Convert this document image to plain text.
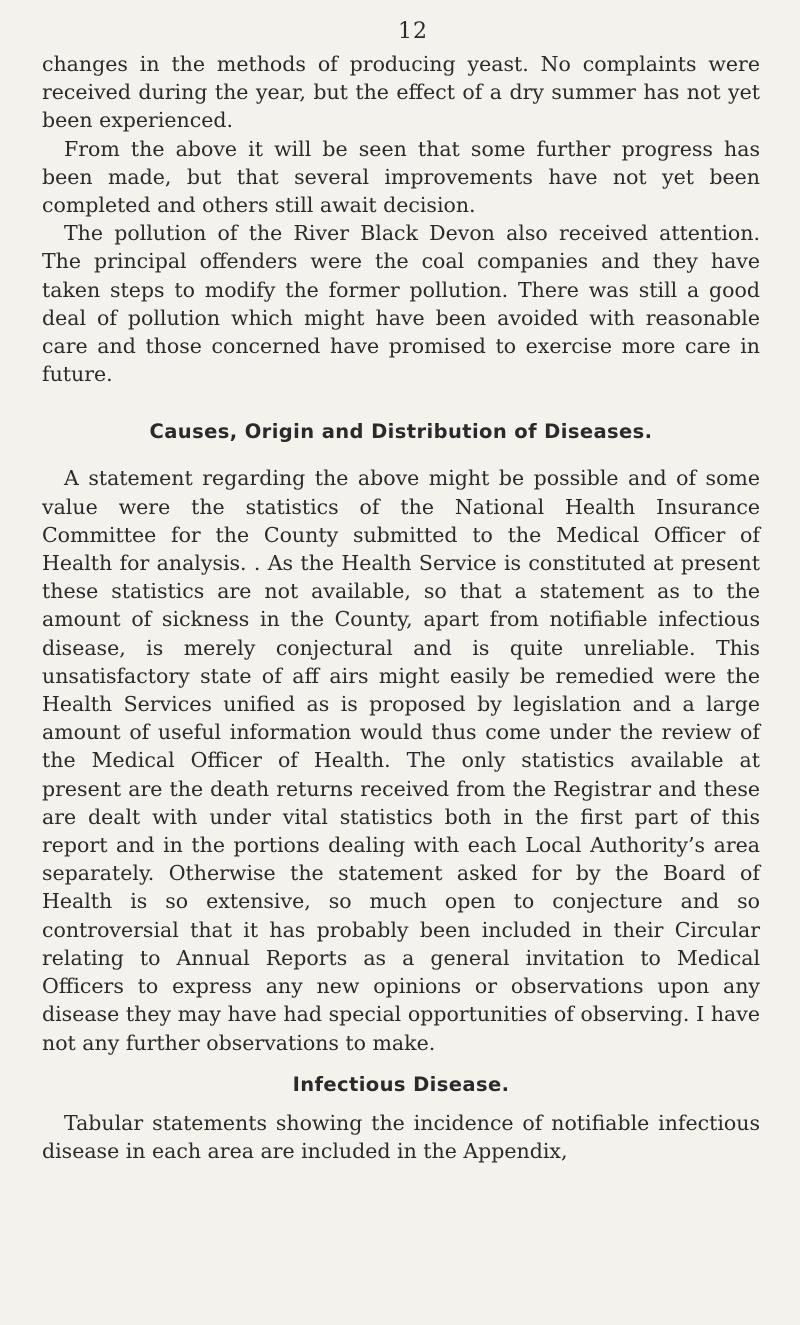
12

changes in the methods of producing yeast. No complaints were received during the year, but the effect of a dry summer has not yet been experienced.

From the above it will be seen that some further progress has been made, but that several improvements have not yet been completed and others still await decision.

The pollution of the River Black Devon also received attention. The principal offenders were the coal companies and they have taken steps to modify the former pollution. There was still a good deal of pollution which might have been avoided with reasonable care and those concerned have promised to exercise more care in future.

Causes, Origin and Distribution of Diseases.

A statement regarding the above might be possible and of some value were the statistics of the National Health Insurance Committee for the County submitted to the Medical Officer of Health for analysis. . As the Health Service is constituted at present these statistics are not available, so that a statement as to the amount of sickness in the County, apart from notifiable infectious disease, is merely conjectural and is quite unreliable. This unsatisfactory state of aff airs might easily be remedied were the Health Services unified as is proposed by legislation and a large amount of useful information would thus come under the review of the Medical Officer of Health. The only statistics available at present are the death returns received from the Registrar and these are dealt with under vital statistics both in the first part of this report and in the portions dealing with each Local Authority’s area separately. Otherwise the statement asked for by the Board of Health is so extensive, so much open to conjecture and so controversial that it has probably been included in their Circular relating to Annual Reports as a general invitation to Medical Officers to express any new opinions or observations upon any disease they may have had special opportunities of observing. I have not any further observations to make.

Infectious Disease.

Tabular statements showing the incidence of notifiable infectious disease in each area are included in the Appendix,
